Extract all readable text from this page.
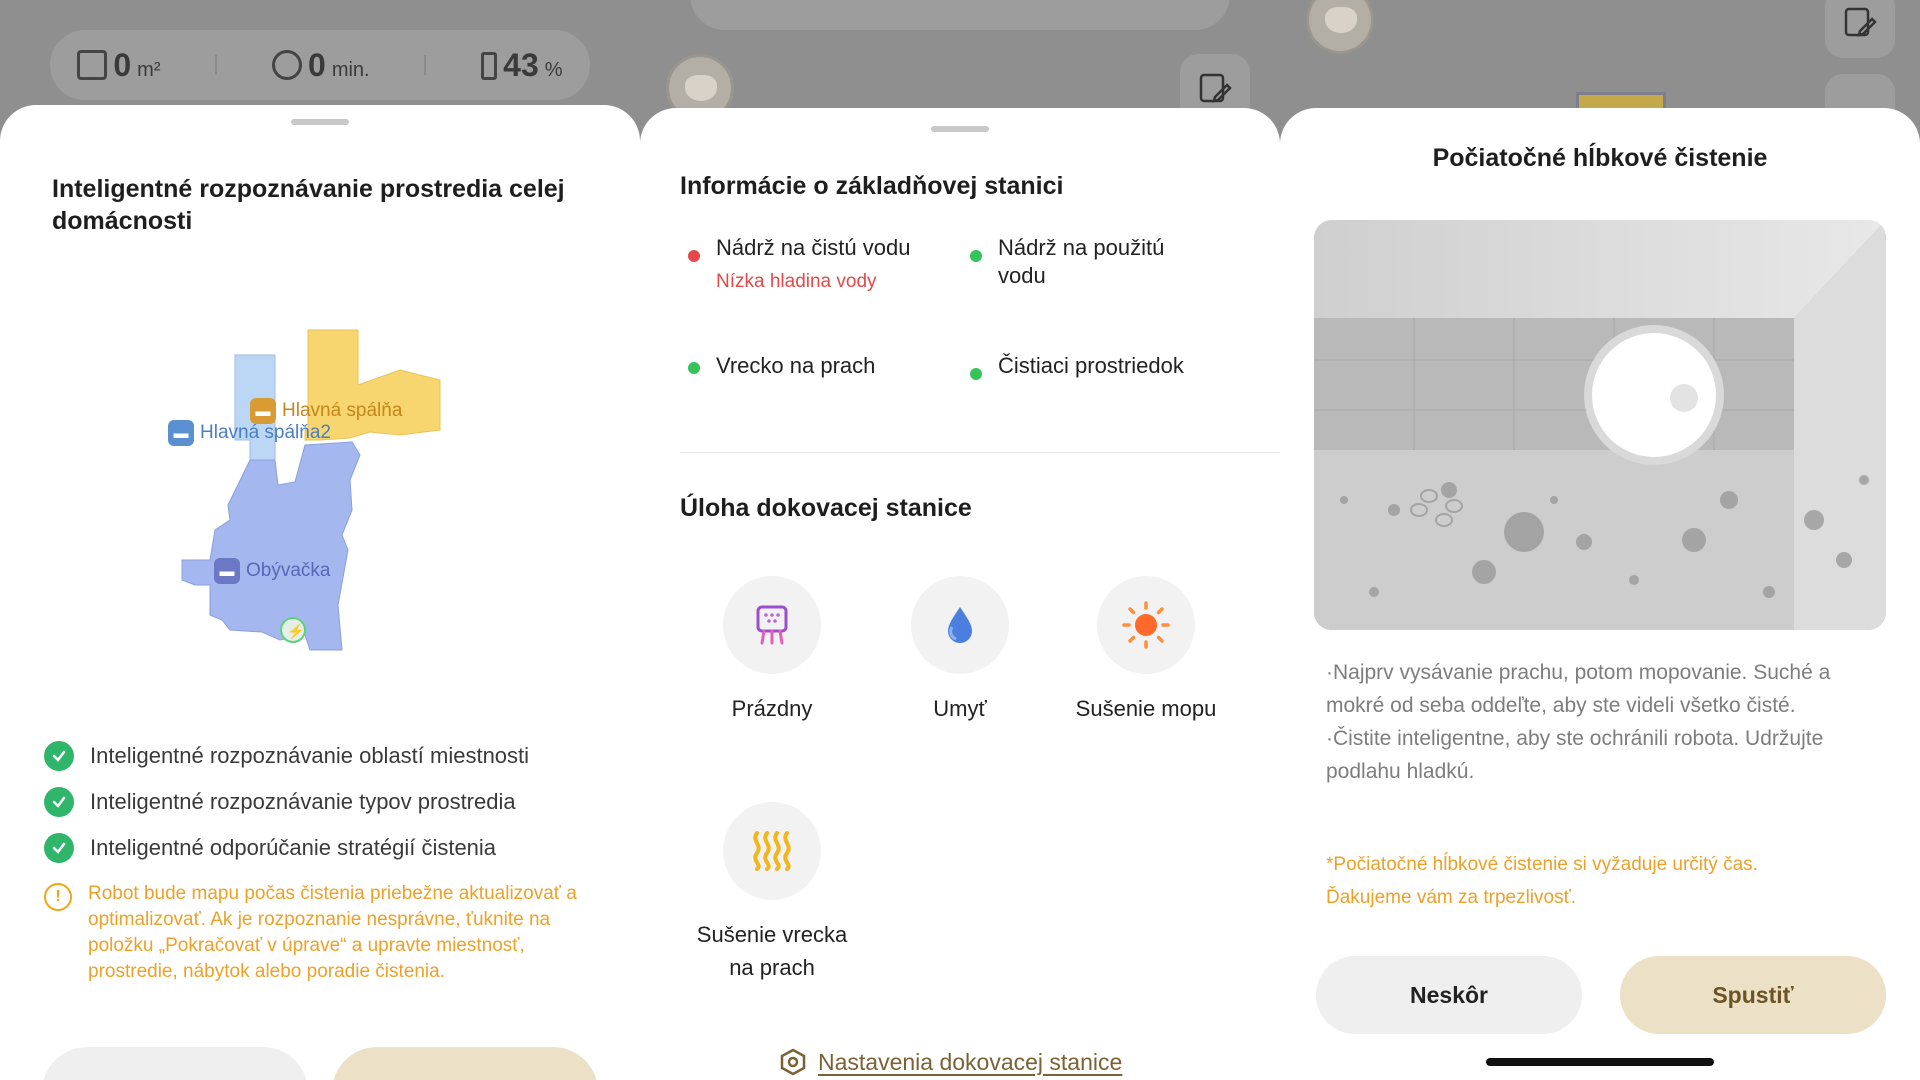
0 m²	0 min.	43 %
Inteligentné rozpoznávanie prostredia celej domácnosti
⚡
▬ Hlavná spálňa
▬ Hlavná spálňa2
▬ Obývačka
Inteligentné rozpoznávanie oblastí miestnosti
Inteligentné rozpoznávanie typov prostredia
Inteligentné odporúčanie stratégií čistenia
!	Robot bude mapu počas čistenia priebežne aktualizovať a optimalizovať. Ak je rozpoznanie nesprávne, ťuknite na položku „Pokračovať v úprave“ a upravte miestnosť, prostredie, nábytok alebo poradie čistenia.
Informácie o základňovej stanici
Nádrž na čistú vodu
Nízka hladina vody
Nádrž na použitú vodu
Vrecko na prach	Čistiaci prostriedok
Úloha dokovacej stanice
Prázdny	Umyť	Sušenie mopu
Sušenie vrecka na prach
Nastavenia dokovacej stanice
Počiatočné hĺbkové čistenie
·Najprv vysávanie prachu, potom mopovanie. Suché a mokré od seba oddeľte, aby ste videli všetko čisté.
·Čistite inteligentne, aby ste ochránili robota. Udržujte podlahu hladkú.
*Počiatočné hĺbkové čistenie si vyžaduje určitý čas.
Ďakujeme vám za trpezlivosť.
Neskôr	Spustiť
